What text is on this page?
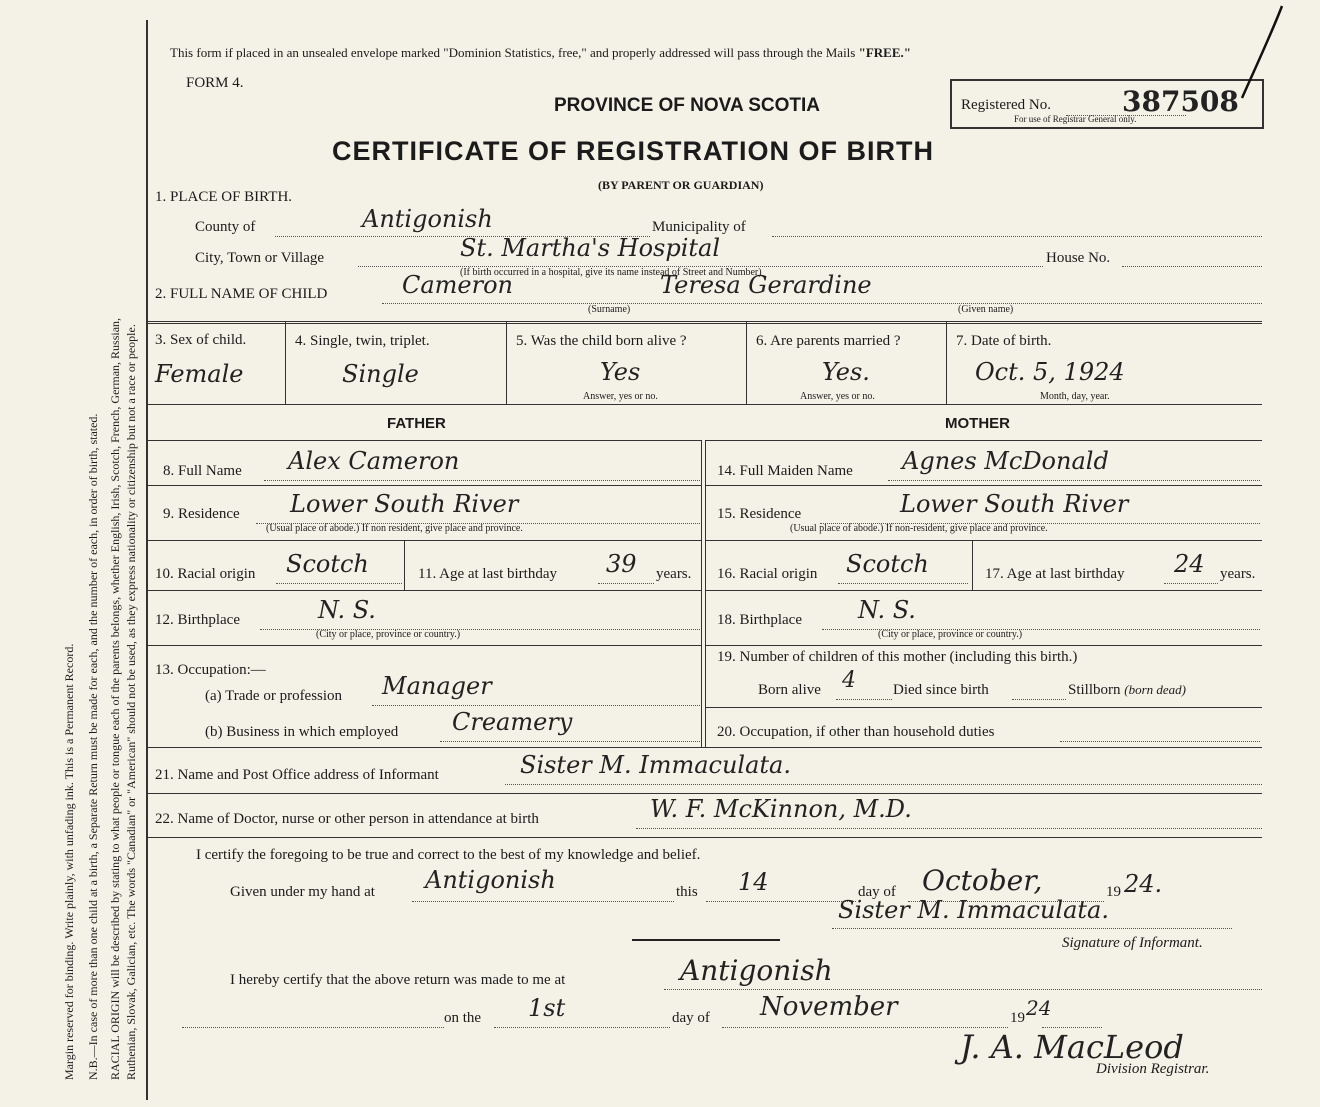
Margin reserved for binding. Write plainly, with unfading ink. This is a Permanent Record. N.B.—In case of more than one child at a birth, a Separate Return must be made for each, and the number of each, in order of birth, stated. RACIAL ORIGIN will be described by stating to what people or tongue each of the parents belongs, whether English, Irish, Scotch, French, German, Russian, Ruthenian, Slovak, Galician, etc. The words "Canadian" or "American" should not be used, as they express nationality or citizenship but not a race or people.
This form if placed in an unsealed envelope marked "Dominion Statistics, free," and properly addressed will pass through the Mails "FREE."
FORM 4.
PROVINCE OF NOVA SCOTIA	Registered No.	387508
For use of Registrar General only.
CERTIFICATE OF REGISTRATION OF BIRTH
(BY PARENT OR GUARDIAN)
1. PLACE OF BIRTH.
County of	Antigonish	Municipality of
City, Town or Village	St. Martha's Hospital
(If birth occurred in a hospital, give its name instead of Street and Number)
House No.
2. FULL NAME OF CHILD	Cameron	Teresa Gerardine
(Surname)	(Given name)
3. Sex of child.
Female
4. Single, twin, triplet.
Single
5. Was the child born alive ?
Yes
Answer, yes or no.
6. Are parents married ?
Yes.
Answer, yes or no.
7. Date of birth.
Oct. 5, 1924
Month, day, year.
FATHER	MOTHER
8. Full Name Alex Cameron
9. Residence Lower South River
(Usual place of abode.) If non resident, give place and province.
10. Racial origin Scotch	11. Age at last birthday 39 years.
12. Birthplace	N. S.
(City or place, province or country.)
13. Occupation:—
(a) Trade or profession Manager
(b) Business in which employed Creamery
14. Full Maiden Name Agnes McDonald
15. Residence	Lower South River
(Usual place of abode.) If non-resident, give place and province.
16. Racial origin Scotch	17. Age at last birthday 24 years.
18. Birthplace N. S.
(City or place, province or country.)
19. Number of children of this mother (including this birth.)
Born alive 4 Died since birth	Stillborn (born dead)
20. Occupation, if other than household duties
21. Name and Post Office address of Informant	Sister M. Immaculata.
22. Name of Doctor, nurse or other person in attendance at birth	W. F. McKinnon, M.D.
I certify the foregoing to be true and correct to the best of my knowledge and belief.
Given under my hand at Antigonish	this 14	day of October,	19 24.
Sister M. Immaculata.
Signature of Informant.
I hereby certify that the above return was made to me at	Antigonish
on the 1st	day of November	19 24
J. A. MacLeod
Division Registrar.
